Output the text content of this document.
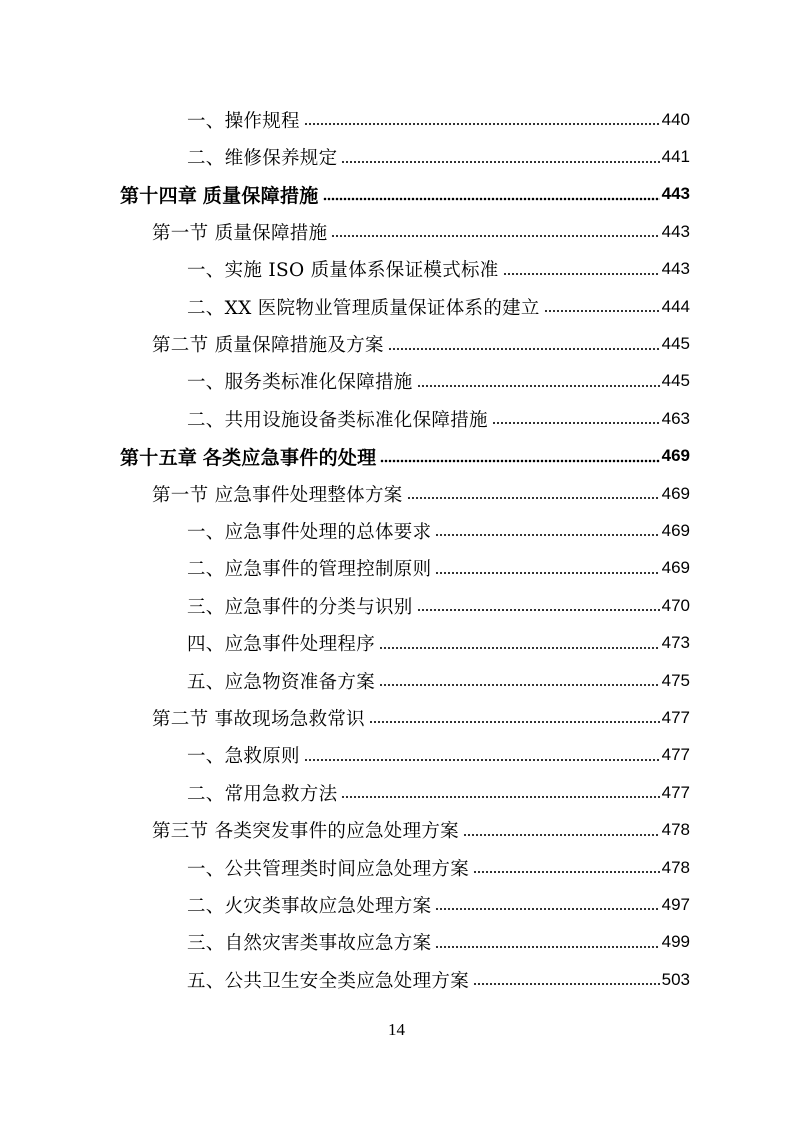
一、操作规程	440
二、维修保养规定	441
第十四章 质量保障措施	443
第一节 质量保障措施	443
一、实施 ISO 质量体系保证模式标准	443
二、XX 医院物业管理质量保证体系的建立	444
第二节 质量保障措施及方案	445
一、服务类标准化保障措施	445
二、共用设施设备类标准化保障措施	463
第十五章 各类应急事件的处理	469
第一节 应急事件处理整体方案	469
一、应急事件处理的总体要求	469
二、应急事件的管理控制原则	469
三、应急事件的分类与识别	470
四、应急事件处理程序	473
五、应急物资准备方案	475
第二节 事故现场急救常识	477
一、急救原则	477
二、常用急救方法	477
第三节 各类突发事件的应急处理方案	478
一、公共管理类时间应急处理方案	478
二、火灾类事故应急处理方案	497
三、自然灾害类事故应急方案	499
五、公共卫生安全类应急处理方案	503
14
